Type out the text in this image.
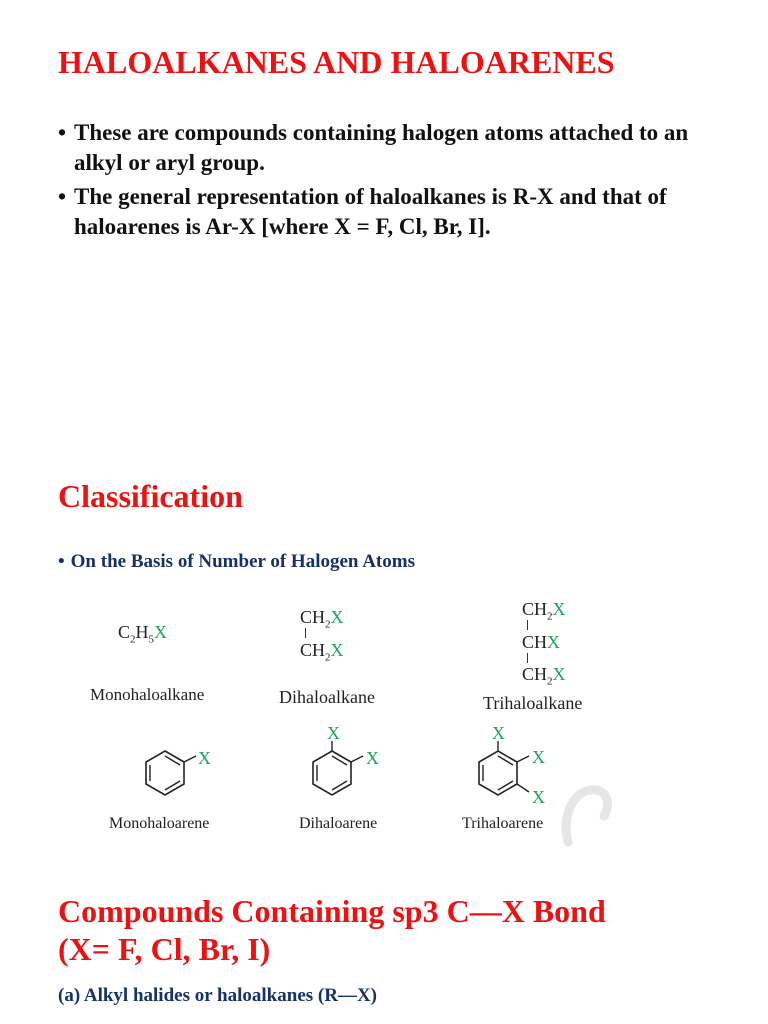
HALOALKANES AND HALOARENES
• These are compounds containing halogen atoms attached to an alkyl or aryl group.
• The general representation of haloalkanes is R-X and that of haloarenes is Ar-X [where X = F, Cl, Br, I].
Classification
• On the Basis of Number of Halogen Atoms
$C_2H_5X$
Monohaloalkane
$CH_2X$
$CH_2X$
Dihaloalkane
$CH_2X$
CHX
$CH_2X$
Trihaloalkane
X
Monohaloarene
X
X
Dihaloarene
X
X
X
Trihaloarene
Compounds Containing sp3 C—X Bond
(X= F, Cl, Br, I)
(a) Alkyl halides or haloalkanes (R—X)
